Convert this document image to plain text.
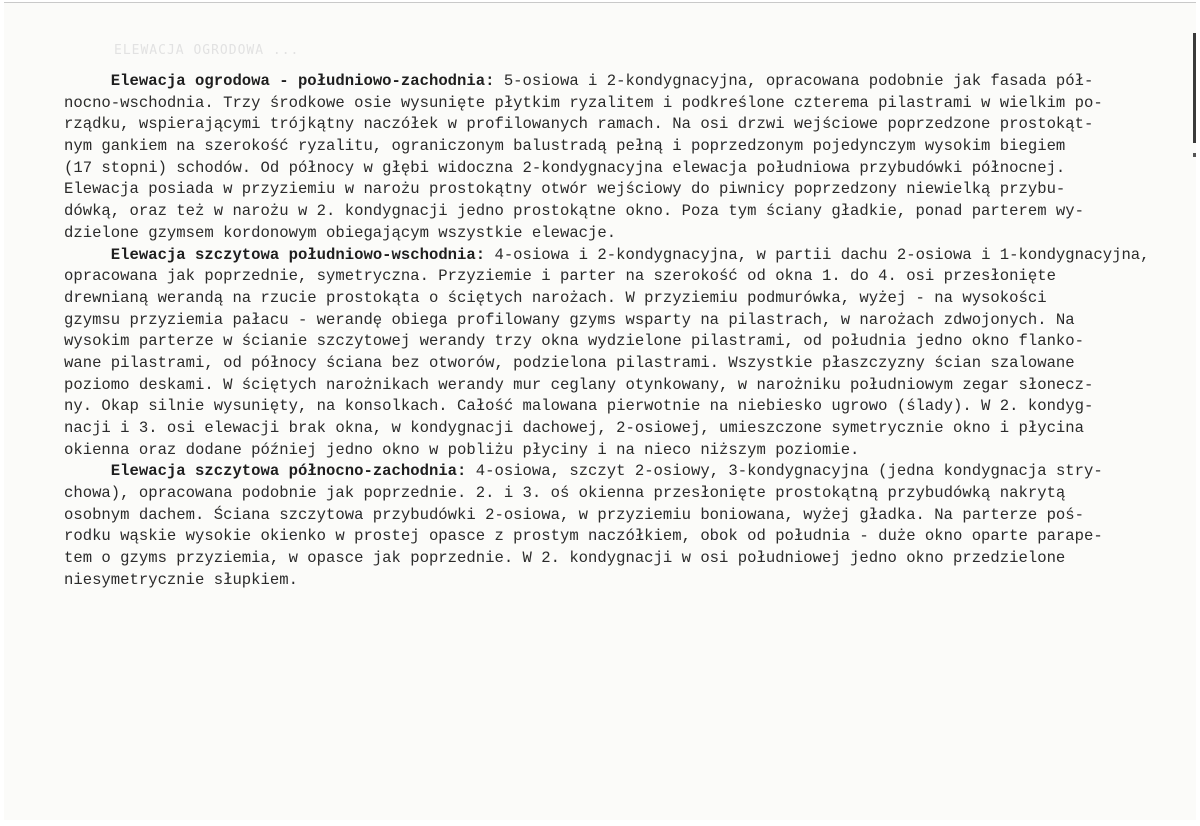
ELEWACJA OGRODOWA ...
Elewacja ogrodowa - południowo-zachodnia: 5-osiowa i 2-kondygnacyjna, opracowana podobnie jak fasada pół-
nocno-wschodnia. Trzy środkowe osie wysunięte płytkim ryzalitem i podkreślone czterema pilastrami w wielkim po-
rządku, wspierającymi trójkątny naczółek w profilowanych ramach. Na osi drzwi wejściowe poprzedzone prostokąt-
nym gankiem na szerokość ryzalitu, ograniczonym balustradą pełną i poprzedzonym pojedynczym wysokim biegiem
(17 stopni) schodów. Od północy w głębi widoczna 2-kondygnacyjna elewacja południowa przybudówki północnej.
Elewacja posiada w przyziemiu w narożu prostokątny otwór wejściowy do piwnicy poprzedzony niewielką przybu-
dówką, oraz też w narożu w 2. kondygnacji jedno prostokątne okno. Poza tym ściany gładkie, ponad parterem wy-
dzielone gzymsem kordonowym obiegającym wszystkie elewacje.
Elewacja szczytowa południowo-wschodnia: 4-osiowa i 2-kondygnacyjna, w partii dachu 2-osiowa i 1-kondygnacyjna,
opracowana jak poprzednie, symetryczna. Przyziemie i parter na szerokość od okna 1. do 4. osi przesłonięte
drewnianą werandą na rzucie prostokąta o ściętych narożach. W przyziemiu podmurówka, wyżej - na wysokości
gzymsu przyziemia pałacu - werandę obiega profilowany gzyms wsparty na pilastrach, w narożach zdwojonych. Na
wysokim parterze w ścianie szczytowej werandy trzy okna wydzielone pilastrami, od południa jedno okno flanko-
wane pilastrami, od północy ściana bez otworów, podzielona pilastrami. Wszystkie płaszczyzny ścian szalowane
poziomo deskami. W ściętych narożnikach werandy mur ceglany otynkowany, w narożniku południowym zegar słonecz-
ny. Okap silnie wysunięty, na konsolkach. Całość malowana pierwotnie na niebiesko ugrowo (ślady). W 2. kondyg-
nacji i 3. osi elewacji brak okna, w kondygnacji dachowej, 2-osiowej, umieszczone symetrycznie okno i płycina
okienna oraz dodane później jedno okno w pobliżu płyciny i na nieco niższym poziomie.
Elewacja szczytowa północno-zachodnia: 4-osiowa, szczyt 2-osiowy, 3-kondygnacyjna (jedna kondygnacja stry-
chowa), opracowana podobnie jak poprzednie. 2. i 3. oś okienna przesłonięte prostokątną przybudówką nakrytą
osobnym dachem. Ściana szczytowa przybudówki 2-osiowa, w przyziemiu boniowana, wyżej gładka. Na parterze poś-
rodku wąskie wysokie okienko w prostej opasce z prostym naczółkiem, obok od południa - duże okno oparte parape-
tem o gzyms przyziemia, w opasce jak poprzednie. W 2. kondygnacji w osi południowej jedno okno przedzielone
niesymetrycznie słupkiem.
